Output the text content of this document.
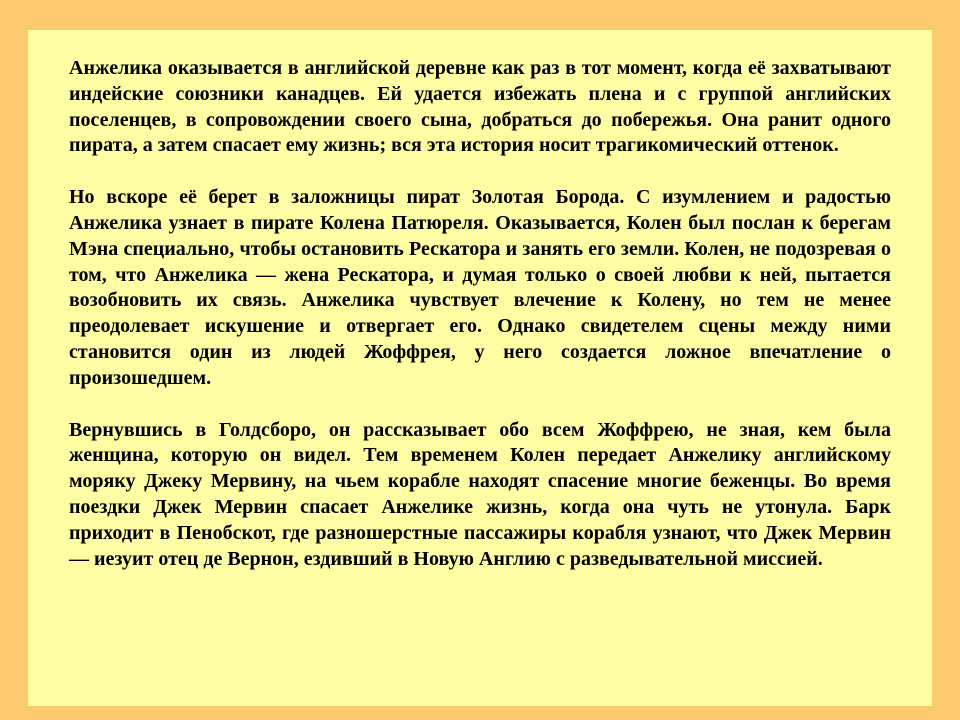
Анжелика оказывается в английской деревне как раз в тот момент, когда её захватывают индейские союзники канадцев. Ей удается избежать плена и с группой английских поселенцев, в сопровождении своего сына, добраться до побережья. Она ранит одного пирата, а затем спасает ему жизнь; вся эта история носит трагикомический оттенок.

Но вскоре её берет в заложницы пират Золотая Борода. С изумлением и радостью Анжелика узнает в пирате Колена Патюреля. Оказывается, Колен был послан к берегам Мэна специально, чтобы остановить Рескатора и занять его земли. Колен, не подозревая о том, что Анжелика — жена Рескатора, и думая только о своей любви к ней, пытается возобновить их связь. Анжелика чувствует влечение к Колену, но тем не менее преодолевает искушение и отвергает его. Однако свидетелем сцены между ними становится один из людей Жоффрея, у него создается ложное впечатление о произошедшем.

Вернувшись в Голдсборо, он рассказывает обо всем Жоффрею, не зная, кем была женщина, которую он видел. Тем временем Колен передает Анжелику английскому моряку Джеку Мервину, на чьем корабле находят спасение многие беженцы. Во время поездки Джек Мервин спасает Анжелике жизнь, когда она чуть не утонула. Барк приходит в Пенобскот, где разношерстные пассажиры корабля узнают, что Джек Мервин — иезуит отец де Вернон, ездивший в Новую Англию с разведывательной миссией.
